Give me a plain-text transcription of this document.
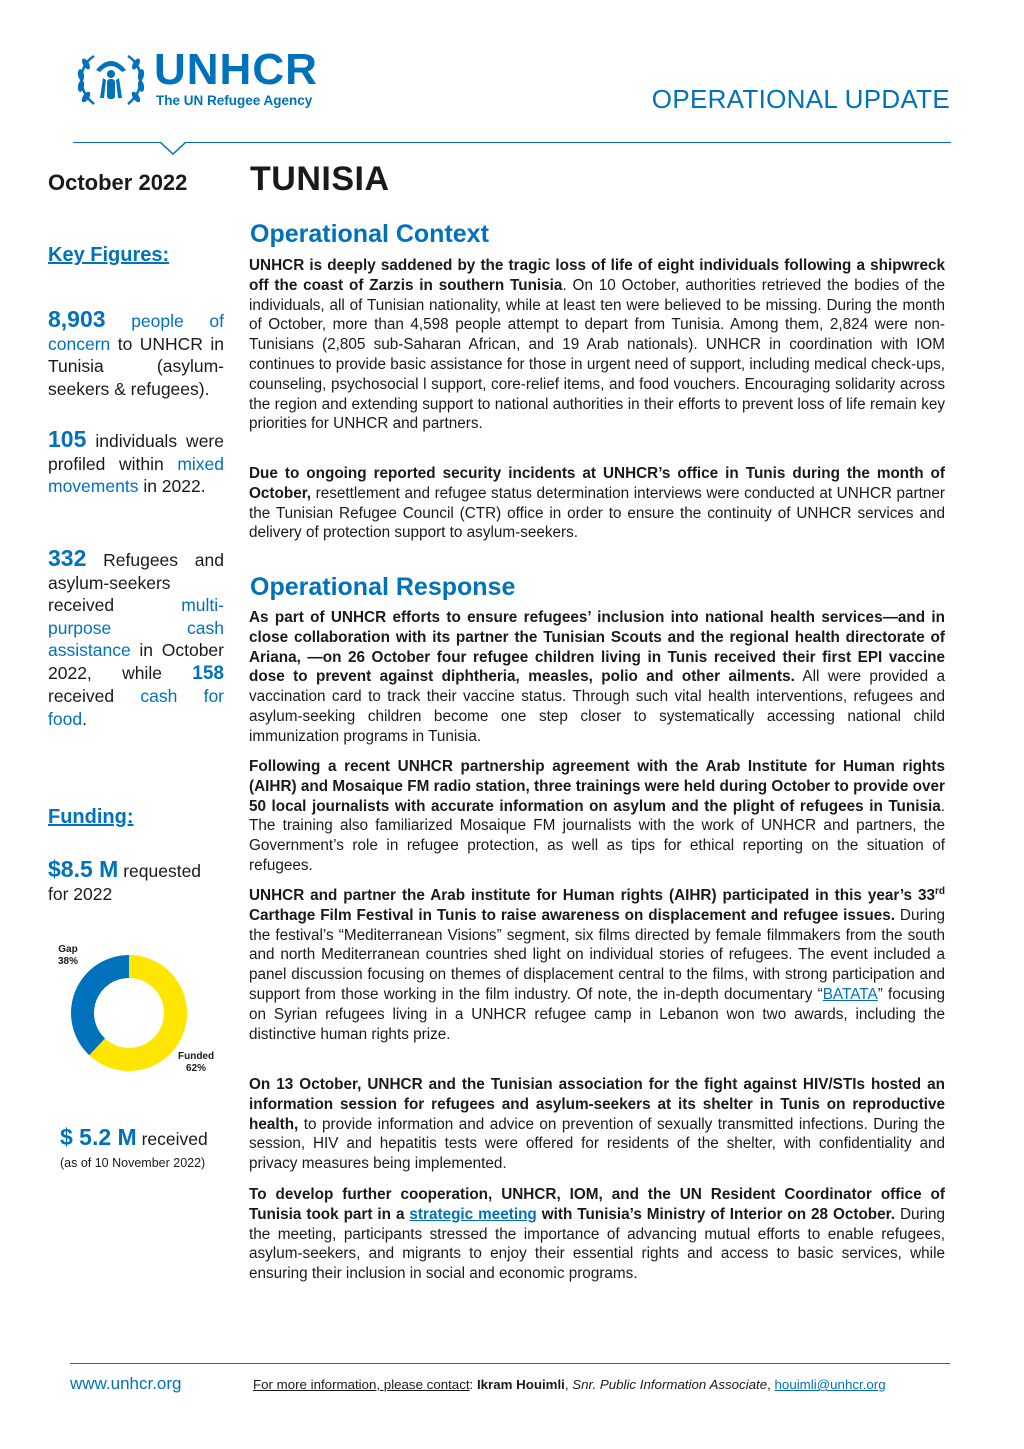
UNHCR
The UN Refugee Agency	OPERATIONAL UPDATE
October 2022 TUNISIA
Key Figures:
8,903 people of concern to UNHCR in Tunisia (asylum-seekers & refugees).
105 individuals were profiled within mixed movements in 2022.
332 Refugees and asylum-seekers received	multi-purpose cash assistance in October 2022, while 158 received cash for food.
Funding:
$8.5 M requested for 2022
Gap
38%
Funded
62%
$ 5.2 M received
(as of 10 November 2022)
Operational Context
UNHCR is deeply saddened by the tragic loss of life of eight individuals following a shipwreck off the coast of Zarzis in southern Tunisia. On 10 October, authorities retrieved the bodies of the individuals, all of Tunisian nationality, while at least ten were believed to be missing. During the month of October, more than 4,598 people attempt to depart from Tunisia. Among them, 2,824 were non-Tunisians (2,805 sub-Saharan African, and 19 Arab nationals). UNHCR in coordination with IOM continues to provide basic assistance for those in urgent need of support, including medical check-ups, counseling, psychosocial l support, core-relief items, and food vouchers. Encouraging solidarity across the region and extending support to national authorities in their efforts to prevent loss of life remain key priorities for UNHCR and partners.
Due to ongoing reported security incidents at UNHCR’s office in Tunis during the month of October, resettlement and refugee status determination interviews were conducted at UNHCR partner the Tunisian Refugee Council (CTR) office in order to ensure the continuity of UNHCR services and delivery of protection support to asylum-seekers.
Operational Response
As part of UNHCR efforts to ensure refugees’ inclusion into national health services—and in close collaboration with its partner the Tunisian Scouts and the regional health directorate of Ariana, —on 26 October four refugee children living in Tunis received their first EPI vaccine dose to prevent against diphtheria, measles, polio and other ailments. All were provided a vaccination card to track their vaccine status. Through such vital health interventions, refugees and asylum-seeking children become one step closer to systematically accessing national child immunization programs in Tunisia.
Following a recent UNHCR partnership agreement with the Arab Institute for Human rights (AIHR) and Mosaique FM radio station, three trainings were held during October to provide over 50 local journalists with accurate information on asylum and the plight of refugees in Tunisia. The training also familiarized Mosaique FM journalists with the work of UNHCR and partners, the Government’s role in refugee protection, as well as tips for ethical reporting on the situation of refugees.
UNHCR and partner the Arab institute for Human rights (AIHR) participated in this year’s 33rd Carthage Film Festival in Tunis to raise awareness on displacement and refugee issues. During the festival’s “Mediterranean Visions” segment, six films directed by female filmmakers from the south and north Mediterranean countries shed light on individual stories of refugees. The event included a panel discussion focusing on themes of displacement central to the films, with strong participation and support from those working in the film industry. Of note, the in-depth documentary “BATATA” focusing on Syrian refugees living in a UNHCR refugee camp in Lebanon won two awards, including the distinctive human rights prize.
On 13 October, UNHCR and the Tunisian association for the fight against HIV/STIs hosted an information session for refugees and asylum-seekers at its shelter in Tunis on reproductive health, to provide information and advice on prevention of sexually transmitted infections. During the session, HIV and hepatitis tests were offered for residents of the shelter, with confidentiality and privacy measures being implemented.
To develop further cooperation, UNHCR, IOM, and the UN Resident Coordinator office of Tunisia took part in a strategic meeting with Tunisia’s Ministry of Interior on 28 October. During the meeting, participants stressed the importance of advancing mutual efforts to enable refugees, asylum-seekers, and migrants to enjoy their essential rights and access to basic services, while ensuring their inclusion in social and economic programs.
www.unhcr.org	For more information, please contact: Ikram Houimli, Snr. Public Information Associate, houimli@unhcr.org
